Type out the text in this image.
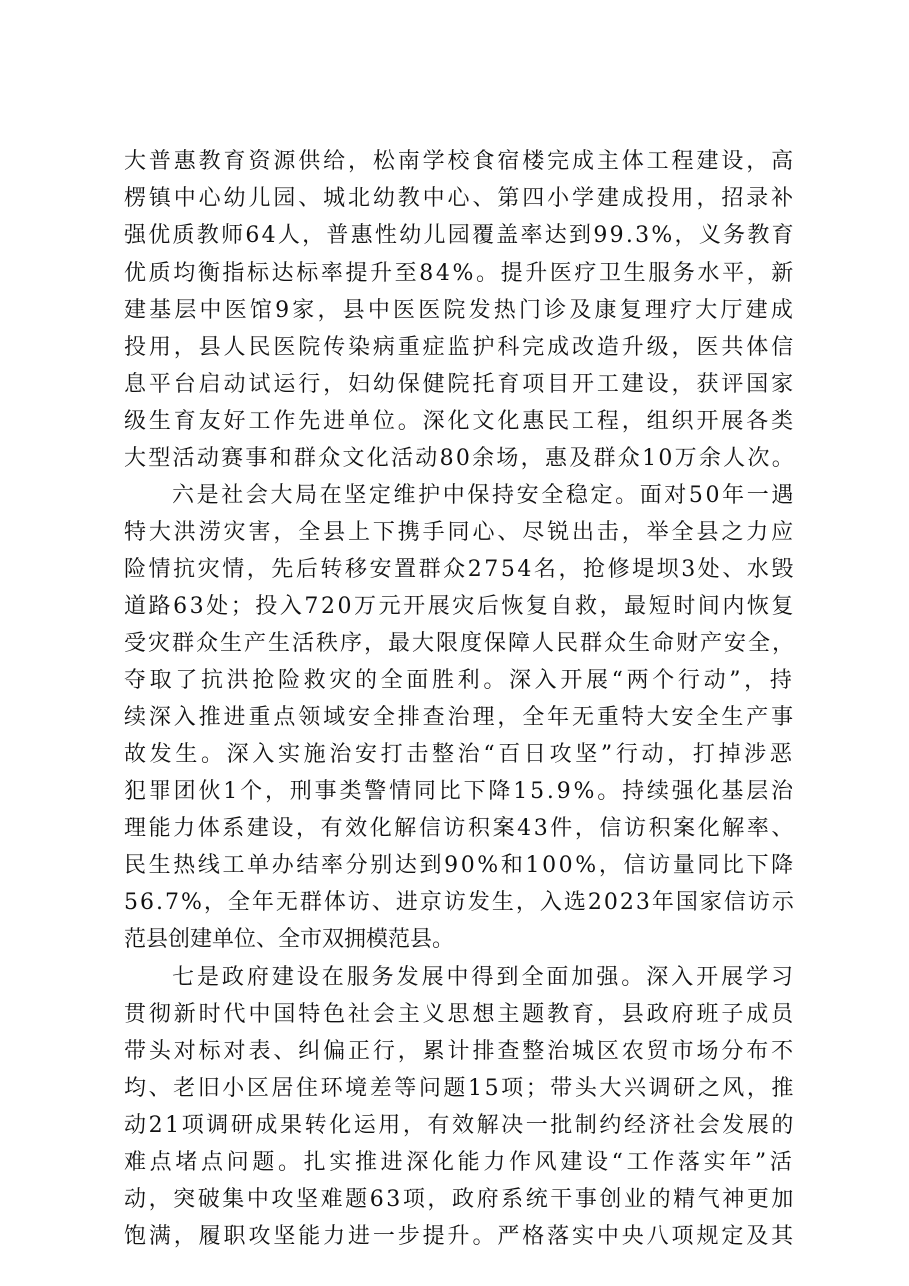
大普惠教育资源供给，松南学校食宿楼完成主体工程建设，高
楞镇中心幼儿园、城北幼教中心、第四小学建成投用，招录补
强优质教师64人，普惠性幼儿园覆盖率达到99.3%，义务教育
优质均衡指标达标率提升至84%。提升医疗卫生服务水平，新
建基层中医馆9家，县中医医院发热门诊及康复理疗大厅建成
投用，县人民医院传染病重症监护科完成改造升级，医共体信
息平台启动试运行，妇幼保健院托育项目开工建设，获评国家
级生育友好工作先进单位。深化文化惠民工程，组织开展各类
大型活动赛事和群众文化活动80余场，惠及群众10万余人次。
六是社会大局在坚定维护中保持安全稳定。面对50年一遇
特大洪涝灾害，全县上下携手同心、尽锐出击，举全县之力应
险情抗灾情，先后转移安置群众2754名，抢修堤坝3处、水毁
道路63处；投入720万元开展灾后恢复自救，最短时间内恢复
受灾群众生产生活秩序，最大限度保障人民群众生命财产安全，
夺取了抗洪抢险救灾的全面胜利。深入开展“两个行动”，持
续深入推进重点领域安全排查治理，全年无重特大安全生产事
故发生。深入实施治安打击整治“百日攻坚”行动，打掉涉恶
犯罪团伙1个，刑事类警情同比下降15.9%。持续强化基层治
理能力体系建设，有效化解信访积案43件，信访积案化解率、
民生热线工单办结率分别达到90%和100%，信访量同比下降
56.7%，全年无群体访、进京访发生，入选2023年国家信访示
范县创建单位、全市双拥模范县。
七是政府建设在服务发展中得到全面加强。深入开展学习
贯彻新时代中国特色社会主义思想主题教育，县政府班子成员
带头对标对表、纠偏正行，累计排查整治城区农贸市场分布不
均、老旧小区居住环境差等问题15项；带头大兴调研之风，推
动21项调研成果转化运用，有效解决一批制约经济社会发展的
难点堵点问题。扎实推进深化能力作风建设“工作落实年”活
动，突破集中攻坚难题63项，政府系统干事创业的精气神更加
饱满，履职攻坚能力进一步提升。严格落实中央八项规定及其
